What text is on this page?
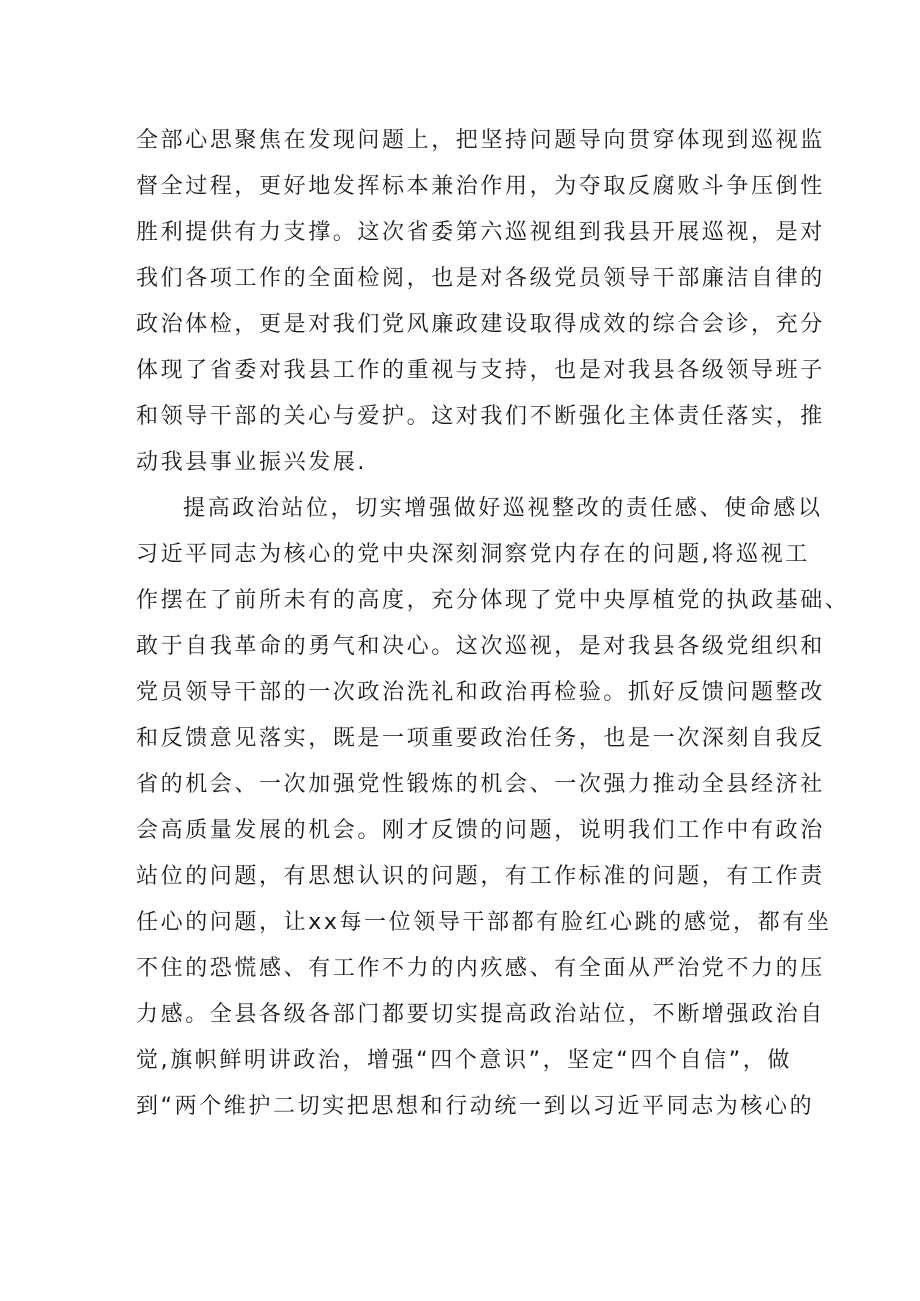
全部心思聚焦在发现问题上，把坚持问题导向贯穿体现到巡视监
督全过程，更好地发挥标本兼治作用，为夺取反腐败斗争压倒性
胜利提供有力支撑。这次省委第六巡视组到我县开展巡视，是对
我们各项工作的全面检阅，也是对各级党员领导干部廉洁自律的
政治体检，更是对我们党风廉政建设取得成效的综合会诊，充分
体现了省委对我县工作的重视与支持，也是对我县各级领导班子
和领导干部的关心与爱护。这对我们不断强化主体责任落实，推
动我县事业振兴发展.
提高政治站位，切实增强做好巡视整改的责任感、使命感以
习近平同志为核心的党中央深刻洞察党内存在的问题,将巡视工
作摆在了前所未有的高度，充分体现了党中央厚植党的执政基础、
敢于自我革命的勇气和决心。这次巡视，是对我县各级党组织和
党员领导干部的一次政治洗礼和政治再检验。抓好反馈问题整改
和反馈意见落实，既是一项重要政治任务，也是一次深刻自我反
省的机会、一次加强党性锻炼的机会、一次强力推动全县经济社
会高质量发展的机会。刚才反馈的问题，说明我们工作中有政治
站位的问题，有思想认识的问题，有工作标准的问题，有工作责
任心的问题，让xx每一位领导干部都有脸红心跳的感觉，都有坐
不住的恐慌感、有工作不力的内疚感、有全面从严治党不力的压
力感。全县各级各部门都要切实提高政治站位，不断增强政治自
觉,旗帜鲜明讲政治，增强“四个意识”，坚定“四个自信”，做
到“两个维护二切实把思想和行动统一到以习近平同志为核心的
